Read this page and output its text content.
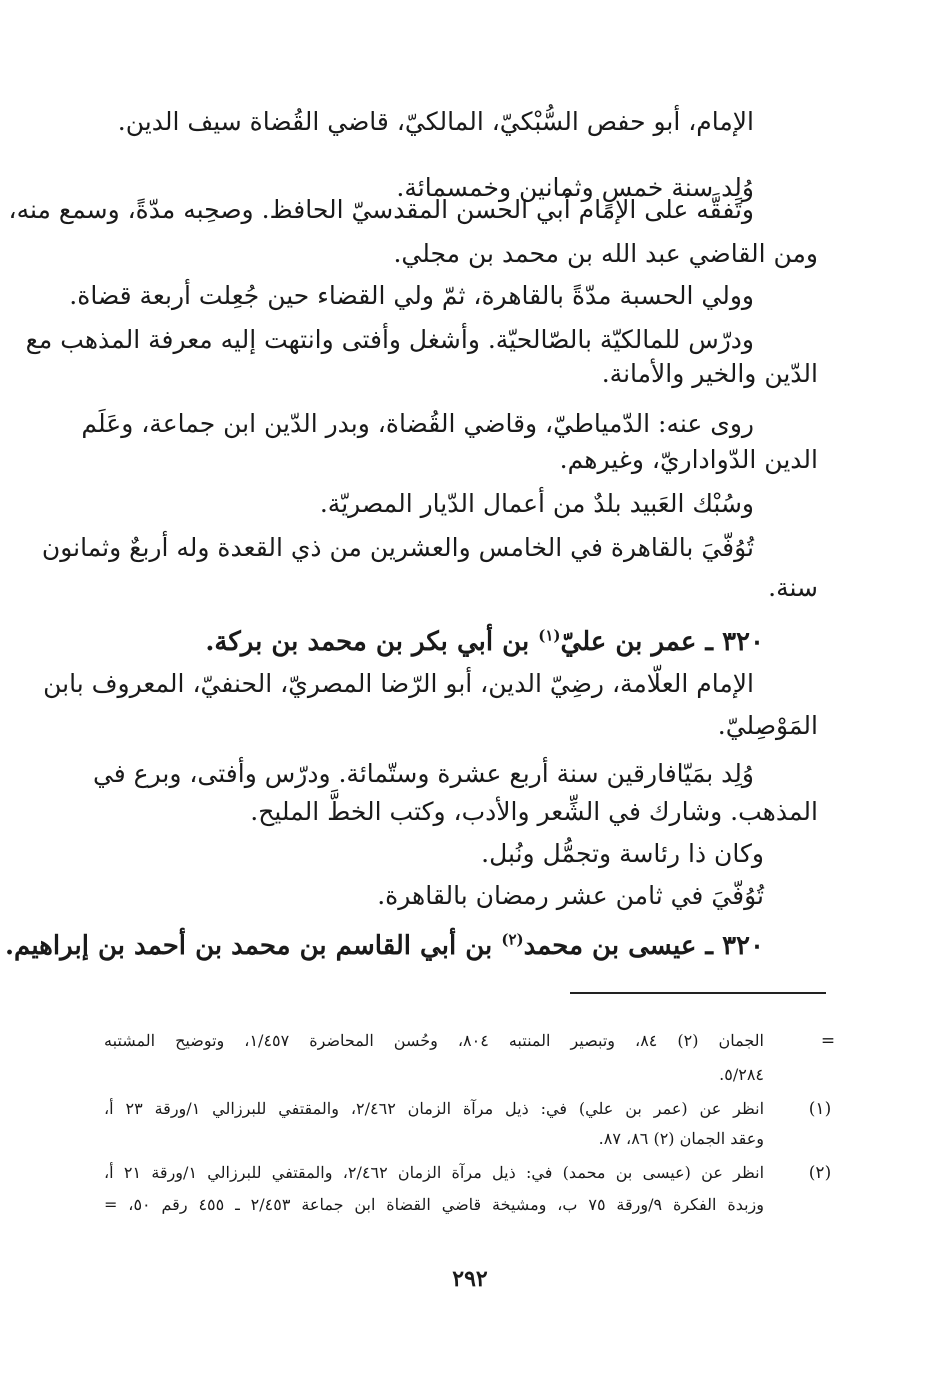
الإمام، أبو حفص السُّبْكيّ، المالكيّ، قاضي القُضاة سيف الدين.

وُلِد سنة خمسٍ وثمانين وخمسمائة.

وتَفقَّه على الإمام أبي الحسن المقدسيّ الحافظ. وصحِبه مدّةً، وسمع منه،

ومن القاضي عبد الله بن محمد بن مجلي.

وولي الحسبة مدّةً بالقاهرة، ثمّ ولي القضاء حين جُعِلت أربعة قضاة.

ودرّس للمالكيّة بالصّالحيّة. وأشغل وأفتى وانتهت إليه معرفة المذهب مع

الدّين والخير والأمانة.

روى عنه: الدّمياطيّ، وقاضي القُضاة، وبدر الدّين ابن جماعة، وعَلَم

الدين الدّواداريّ، وغيرهم.

وسُبْك العَبيد بلدٌ من أعمال الدّيار المصريّة.

تُوُفّيَ بالقاهرة في الخامس والعشرين من ذي القعدة وله أربعٌ وثمانون

سنة.

٣٢٠ ـ عمر بن عليّ$^{(١)}$ بن أبي بكر بن محمد بن بركة.

الإمام العلّامة، رضِيّ الدين، أبو الرّضا المصريّ، الحنفيّ، المعروف بابن

المَوْصِليّ.

وُلِد بمَيّافارقين سنة أربع عشرة وستّمائة. ودرّس وأفتى، وبرع في

المذهب. وشارك في الشِّعر والأدب، وكتب الخطَّ المليح.

وكان ذا رئاسة وتجمُّل ونُبل.

تُوُفّيَ في ثامن عشر رمضان بالقاهرة.

٣٢٠ ـ عيسى بن محمد$^{(٢)}$ بن أبي القاسم بن محمد بن أحمد بن إبراهيم.

=

الجمان (٢) ٨٤، وتبصير المنتبه ٨٠٤، وحُسن المحاضرة ١/٤٥٧، وتوضيح المشتبه

٥/٢٨٤.

(١)

انظر عن (عمر بن علي) في: ذيل مرآة الزمان ٢/٤٦٢، والمقتفي للبرزالي ١/ورقة ٢٣ أ،

وعقد الجمان (٢) ٨٦، ٨٧.

(٢)

انظر عن (عيسى بن محمد) في: ذيل مرآة الزمان ٢/٤٦٢، والمقتفي للبرزالي ١/ورقة ٢١ أ،

وزبدة الفكرة ٩/ورقة ٧٥ ب، ومشيخة قاضي القضاة ابن جماعة ٢/٤٥٣ ـ ٤٥٥ رقم ٥٠، =

٢٩٢
